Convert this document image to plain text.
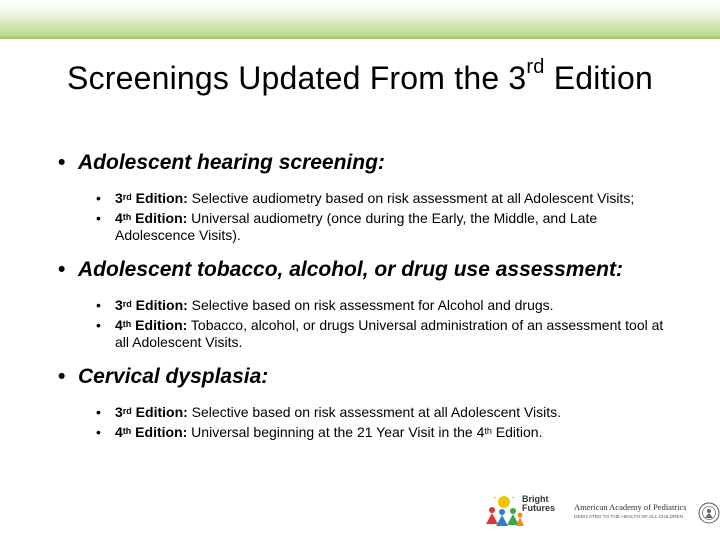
Screenings Updated From the 3rd Edition
• Adolescent hearing screening:
• 3rd Edition: Selective audiometry based on risk assessment at all Adolescent Visits;
• 4th Edition: Universal audiometry (once during the Early, the Middle, and Late Adolescence Visits).
• Adolescent tobacco, alcohol, or drug use assessment:
• 3rd Edition: Selective based on risk assessment for Alcohol and drugs.
• 4th Edition: Tobacco, alcohol, or drugs Universal administration of an assessment tool at all Adolescent Visits.
• Cervical dysplasia:
• 3rd Edition: Selective based on risk assessment at all Adolescent Visits.
• 4th Edition: Universal beginning at the 21 Year Visit in the 4th Edition.
Bright Futures	American Academy of Pediatrics
DEDICATED TO THE HEALTH OF ALL CHILDREN
